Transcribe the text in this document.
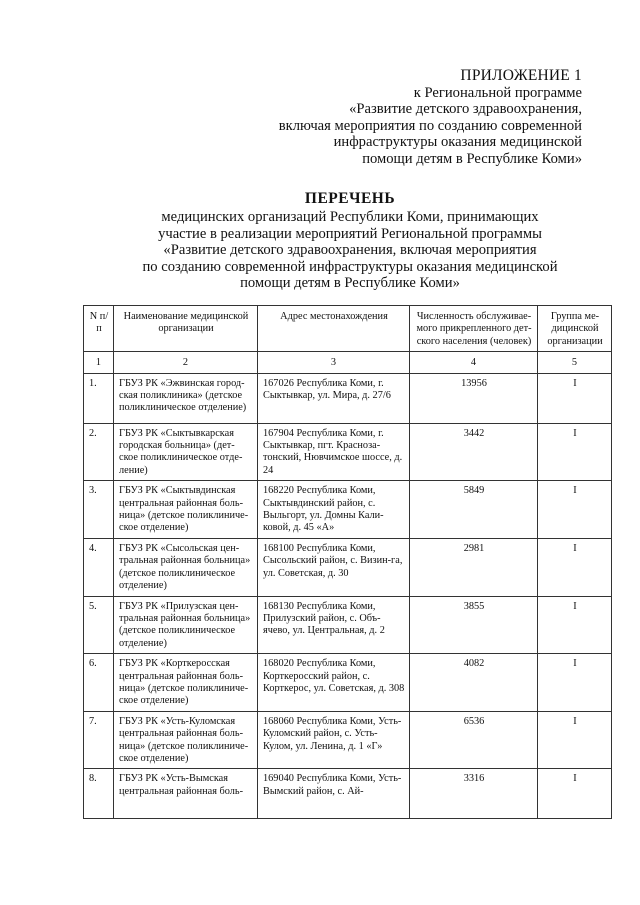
ПРИЛОЖЕНИЕ 1
к Региональной программе
«Развитие детского здравоохранения,
включая мероприятия по созданию современной
инфраструктуры оказания медицинской
помощи детям в Республике Коми»
ПЕРЕЧЕНЬ
медицинских организаций Республики Коми, принимающих
участие в реализации мероприятий Региональной программы
«Развитие детского здравоохранения, включая мероприятия
по созданию современной инфраструктуры оказания медицинской
помощи детям в Республике Коми»
N п/п	Наименование медицинской организации	Адрес местонахождения	Численность обслуживае-мого прикрепленного дет-ского населения (человек)	Группа ме-дицинской организации
1	2	3	4	5
1.	ГБУЗ РК «Эжвинская город-ская поликлиника» (детское поликлиническое отделение)	167026 Республика Коми, г. Сыктывкар, ул. Мира, д. 27/6	13956	I
2.	ГБУЗ РК «Сыктывкарская городская больница» (дет-ское поликлиническое отде-ление)	167904 Республика Коми, г. Сыктывкар, пгт. Краснoза-тонский, Нювчимское шоссе, д. 24	3442	I
3.	ГБУЗ РК «Сыктывдинская центральная районная боль-ница» (детское поликлиниче-ское отделение)	168220 Республика Коми, Сыктывдинский район, с. Выльгорт, ул. Домны Кали-ковой, д. 45 «А»	5849	I
4.	ГБУЗ РК «Сысольская цен-тральная районная больница» (детское поликлиническое отделение)	168100 Республика Коми, Сысольский район, с. Визин-га, ул. Советская, д. 30	2981	I
5.	ГБУЗ РК «Прилузская цен-тральная районная больница» (детское поликлиническое отделение)	168130 Республика Коми, Прилузский район, с. Объ-ячево, ул. Центральная, д. 2	3855	I
6.	ГБУЗ РК «Корткеросская центральная районная боль-ница» (детское поликлиниче-ское отделение)	168020 Республика Коми, Корткеросский район, с. Корткерос, ул. Советская, д. 308	4082	I
7.	ГБУЗ РК «Усть-Куломская центральная районная боль-ница» (детское поликлиниче-ское отделение)	168060 Республика Коми, Усть-Куломский район, с. Усть-Кулом, ул. Ленина, д. 1 «Г»	6536	I
8.	ГБУЗ РК «Усть-Вымская центральная районная боль-	169040 Республика Коми, Усть-Вымский район, с. Ай-	3316	I
